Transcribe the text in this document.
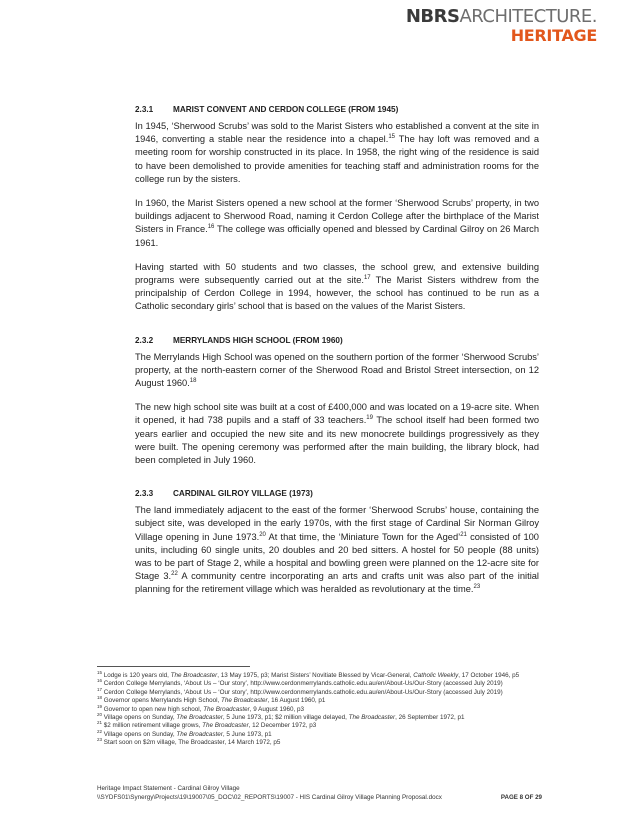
NBRSARCHITECTURE.
HERITAGE
2.3.1 MARIST CONVENT AND CERDON COLLEGE (FROM 1945)
In 1945, ‘Sherwood Scrubs’ was sold to the Marist Sisters who established a convent at the site in 1946, converting a stable near the residence into a chapel.$^{15}$ The hay loft was removed and a meeting room for worship constructed in its place. In 1958, the right wing of the residence is said to have been demolished to provide amenities for teaching staff and administration rooms for the college run by the sisters.
In 1960, the Marist Sisters opened a new school at the former ‘Sherwood Scrubs’ property, in two buildings adjacent to Sherwood Road, naming it Cerdon College after the birthplace of the Marist Sisters in France.$^{16}$ The college was officially opened and blessed by Cardinal Gilroy on 26 March 1961.
Having started with 50 students and two classes, the school grew, and extensive building programs were subsequently carried out at the site.$^{17}$ The Marist Sisters withdrew from the principalship of Cerdon College in 1994, however, the school has continued to be run as a Catholic secondary girls’ school that is based on the values of the Marist Sisters.
2.3.2 MERRYLANDS HIGH SCHOOL (FROM 1960)
The Merrylands High School was opened on the southern portion of the former ‘Sherwood Scrubs’ property, at the north-eastern corner of the Sherwood Road and Bristol Street intersection, on 12 August 1960.18
The new high school site was built at a cost of £400,000 and was located on a 19-acre site. When it opened, it had 738 pupils and a staff of 33 teachers.$^{19}$ The school itself had been formed two years earlier and occupied the new site and its new monocrete buildings progressively as they were built. The opening ceremony was performed after the main building, the library block, had been completed in July 1960.
2.3.3 CARDINAL GILROY VILLAGE (1973)
The land immediately adjacent to the east of the former ‘Sherwood Scrubs’ house, containing the subject site, was developed in the early 1970s, with the first stage of Cardinal Sir Norman Gilroy Village opening in June 1973.20 At that time, the ‘Miniature Town for the Aged’$^{21}$ consisted of 100 units, including 60 single units, 20 doubles and 20 bed sitters. A hostel for 50 people (88 units) was to be part of Stage 2, while a hospital and bowling green were planned on the 12-acre site for Stage 3.22 A community centre incorporating an arts and crafts unit was also part of the initial planning for the retirement village which was heralded as revolutionary at the time.$^{23}$
$^{15}$ Lodge is 120 years old, The Broadcaster, 13 May 1975, p3; Marist Sisters’ Novitiate Blessed by Vicar-General, Catholic Weekly, 17 October 1946, p5
$^{16}$ Cerdon College Merrylands, ‘About Us – ‘Our story’, http://www.cerdonmerrylands.catholic.edu.au/en/About-Us/Our-Story (accessed July 2019)
$^{17}$ Cerdon College Merrylands, ‘About Us – ‘Our story’, http://www.cerdonmerrylands.catholic.edu.au/en/About-Us/Our-Story (accessed July 2019)
$^{18}$ Governor opens Merrylands High School, The Broadcaster, 16 August 1960, p1
$^{19}$ Governor to open new high school, The Broadcaster, 9 August 1960, p3
$^{20}$ Village opens on Sunday, The Broadcaster, 5 June 1973, p1; $2 million village delayed, The Broadcaster, 26 September 1972, p1
$^{21}$ $2 million retirement village grows, The Broadcaster, 12 December 1972, p3
$^{22}$ Village opens on Sunday, The Broadcaster, 5 June 1973, p1
$^{23}$ Start soon on $2m village, The Broadcaster, 14 March 1972, p5
Heritage Impact Statement - Cardinal Gilroy Village
\\SYDFS01\Synergy\Projects\19\19007\05_DOC\02_REPORTS\19007 - HIS Cardinal Gilroy Village Planning Proposal.docx	PAGE 8 OF 29
